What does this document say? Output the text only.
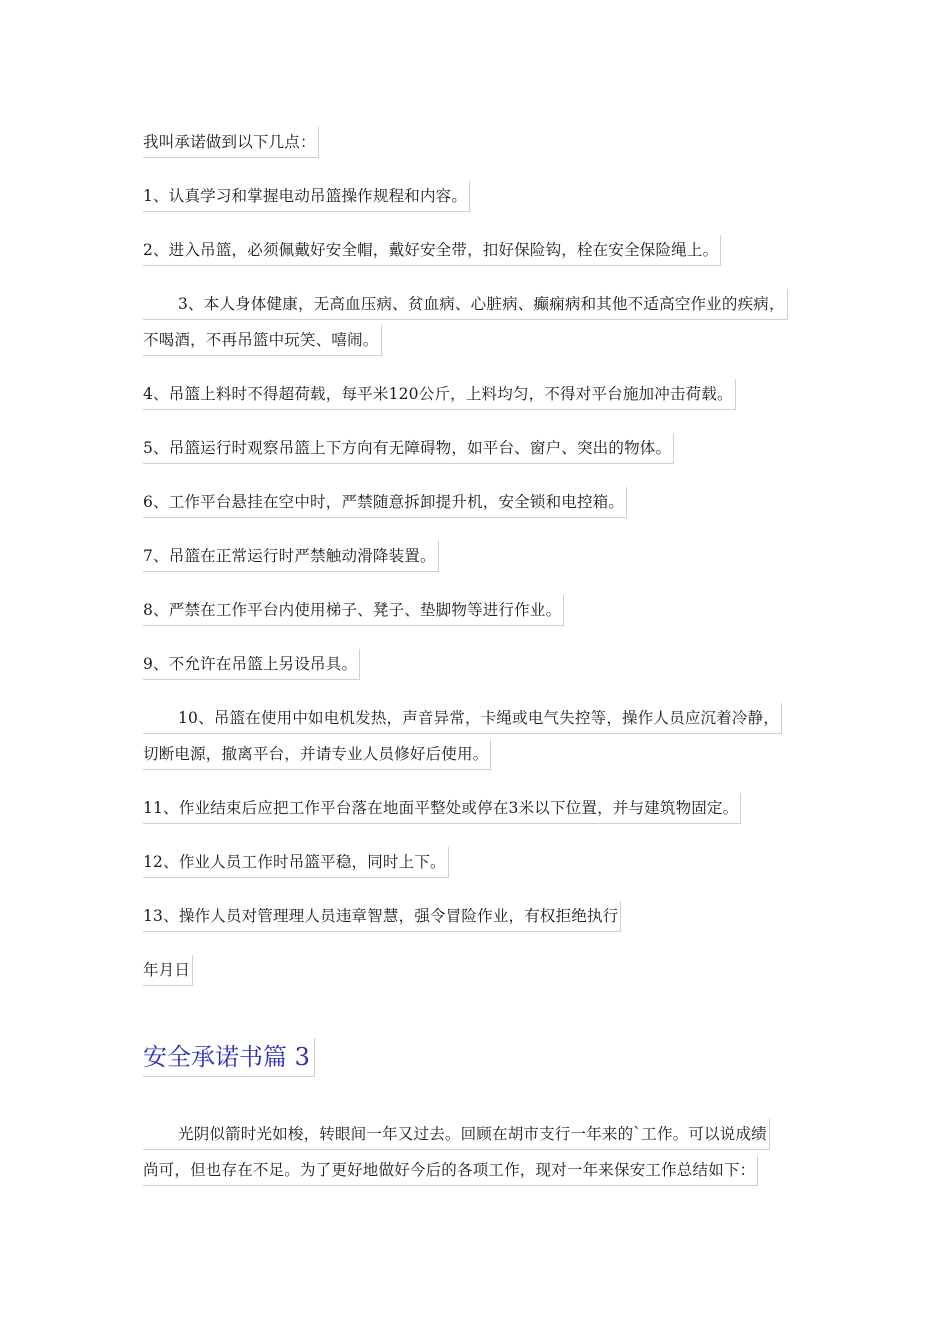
我叫承诺做到以下几点：
1、认真学习和掌握电动吊篮操作规程和内容。
2、进入吊篮，必须佩戴好安全帽，戴好安全带，扣好保险钩，栓在安全保险绳上。
3、本人身体健康，无高血压病、贫血病、心脏病、癫痫病和其他不适高空作业的疾病，
不喝酒，不再吊篮中玩笑、嘻闹。
4、吊篮上料时不得超荷载，每平米120公斤，上料均匀，不得对平台施加冲击荷载。
5、吊篮运行时观察吊篮上下方向有无障碍物，如平台、窗户、突出的物体。
6、工作平台悬挂在空中时，严禁随意拆卸提升机，安全锁和电控箱。
7、吊篮在正常运行时严禁触动滑降装置。
8、严禁在工作平台内使用梯子、凳子、垫脚物等进行作业。
9、不允许在吊篮上另设吊具。
10、吊篮在使用中如电机发热，声音异常，卡绳或电气失控等，操作人员应沉着冷静，
切断电源，撤离平台，并请专业人员修好后使用。
11、作业结束后应把工作平台落在地面平整处或停在3米以下位置，并与建筑物固定。
12、作业人员工作时吊篮平稳，同时上下。
13、操作人员对管理理人员违章智慧，强令冒险作业，有权拒绝执行
年月日
安全承诺书篇 3
光阴似箭时光如梭，转眼间一年又过去。回顾在胡市支行一年来的`工作。可以说成绩
尚可，但也存在不足。为了更好地做好今后的各项工作，现对一年来保安工作总结如下：
